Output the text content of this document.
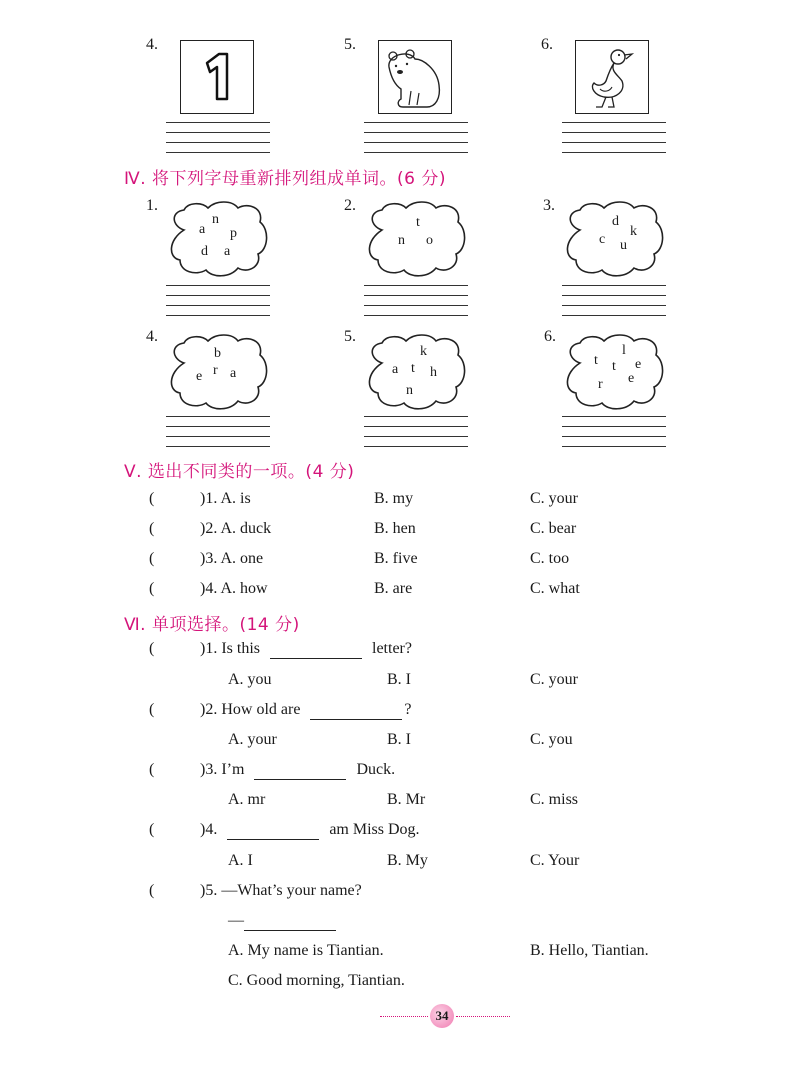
4.	5.	6.
Ⅳ. 将下列字母重新排列组成单词。(6 分)
1.
n
a p
d a
2.
t
n o
3.
d
k
c u
4.
b
e r a
5.
k
a t h
n
6.
l
t	e
t
e
r
Ⅴ. 选出不同类的一项。(4 分)
(	)1. A. is	B. my	C. your
(	)2. A. duck	B. hen	C. bear
(	)3. A. one	B. five	C. too
(	)4. A. how	B. are	C. what
Ⅵ. 单项选择。(14 分)
(	)1. Is this	letter?
A. you	B. I	C. your
(	)2. How old are	?
A. your	B. I	C. you
(	)3. I’m	Duck.
A. mr	B. Mr	C. miss
(	)4.	am Miss Dog.
A. I	B. My	C. Your
(	)5. —What’s your name?
—
A. My name is Tiantian.	B. Hello, Tiantian.
C. Good morning, Tiantian.
34
